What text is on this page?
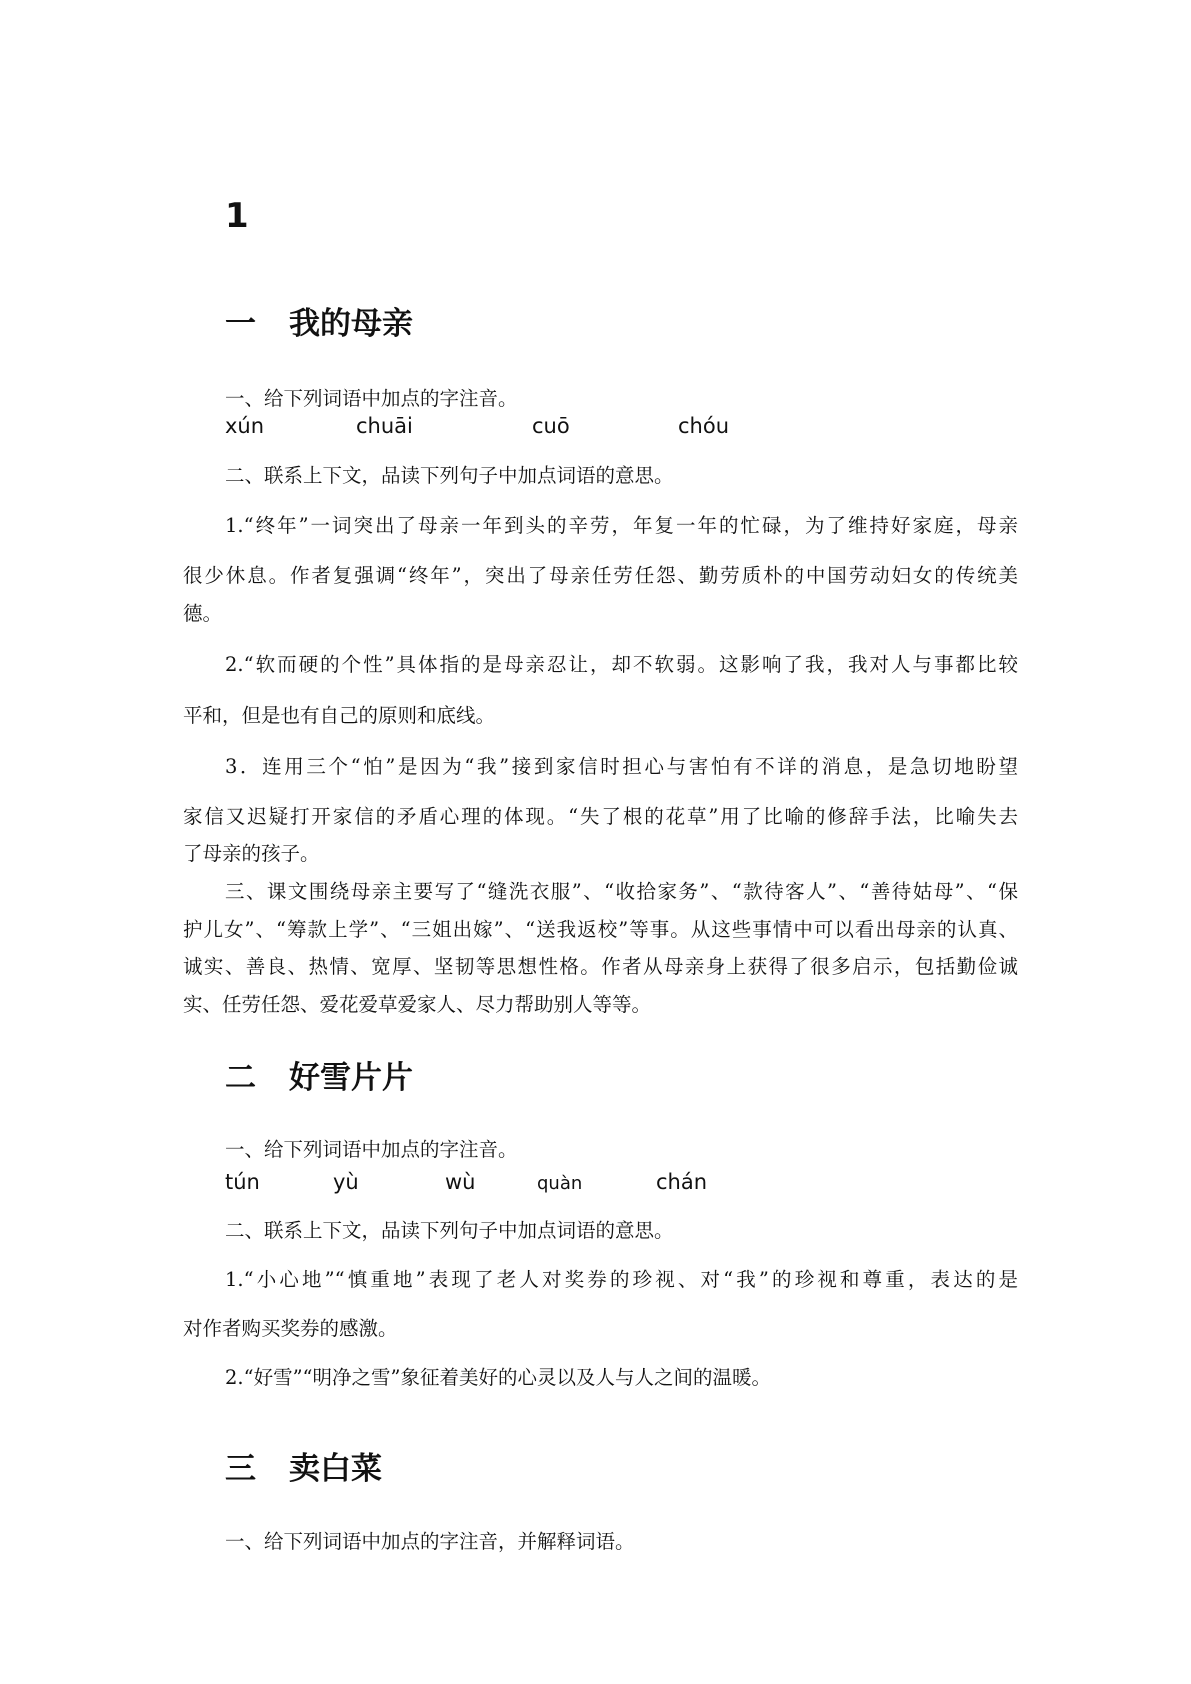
1
一 我的母亲
一、给下列词语中加点的字注音。
xún	chuāi	cuō	chóu
二、联系上下文，品读下列句子中加点词语的意思。
1.“终年”一词突出了母亲一年到头的辛劳，年复一年的忙碌，为了维持好家庭，母亲
很少休息。作者复强调“终年”，突出了母亲任劳任怨、勤劳质朴的中国劳动妇女的传统美
德。
2.“软而硬的个性”具体指的是母亲忍让，却不软弱。这影响了我，我对人与事都比较
平和，但是也有自己的原则和底线。
3．连用三个“怕”是因为“我”接到家信时担心与害怕有不详的消息，是急切地盼望
家信又迟疑打开家信的矛盾心理的体现。“失了根的花草”用了比喻的修辞手法，比喻失去
了母亲的孩子。
三、课文围绕母亲主要写了“缝洗衣服”、“收拾家务”、“款待客人”、“善待姑母”、“保
护儿女”、“筹款上学”、“三姐出嫁”、“送我返校”等事。从这些事情中可以看出母亲的认真、
诚实、善良、热情、宽厚、坚韧等思想性格。作者从母亲身上获得了很多启示，包括勤俭诚
实、任劳任怨、爱花爱草爱家人、尽力帮助别人等等。
二 好雪片片
一、给下列词语中加点的字注音。
tún	yù	wù	quàn	chán
二、联系上下文，品读下列句子中加点词语的意思。
1.“小心地”“慎重地”表现了老人对奖券的珍视、对“我”的珍视和尊重，表达的是
对作者购买奖券的感激。
2.“好雪”“明净之雪”象征着美好的心灵以及人与人之间的温暖。
三 卖白菜
一、给下列词语中加点的字注音，并解释词语。
